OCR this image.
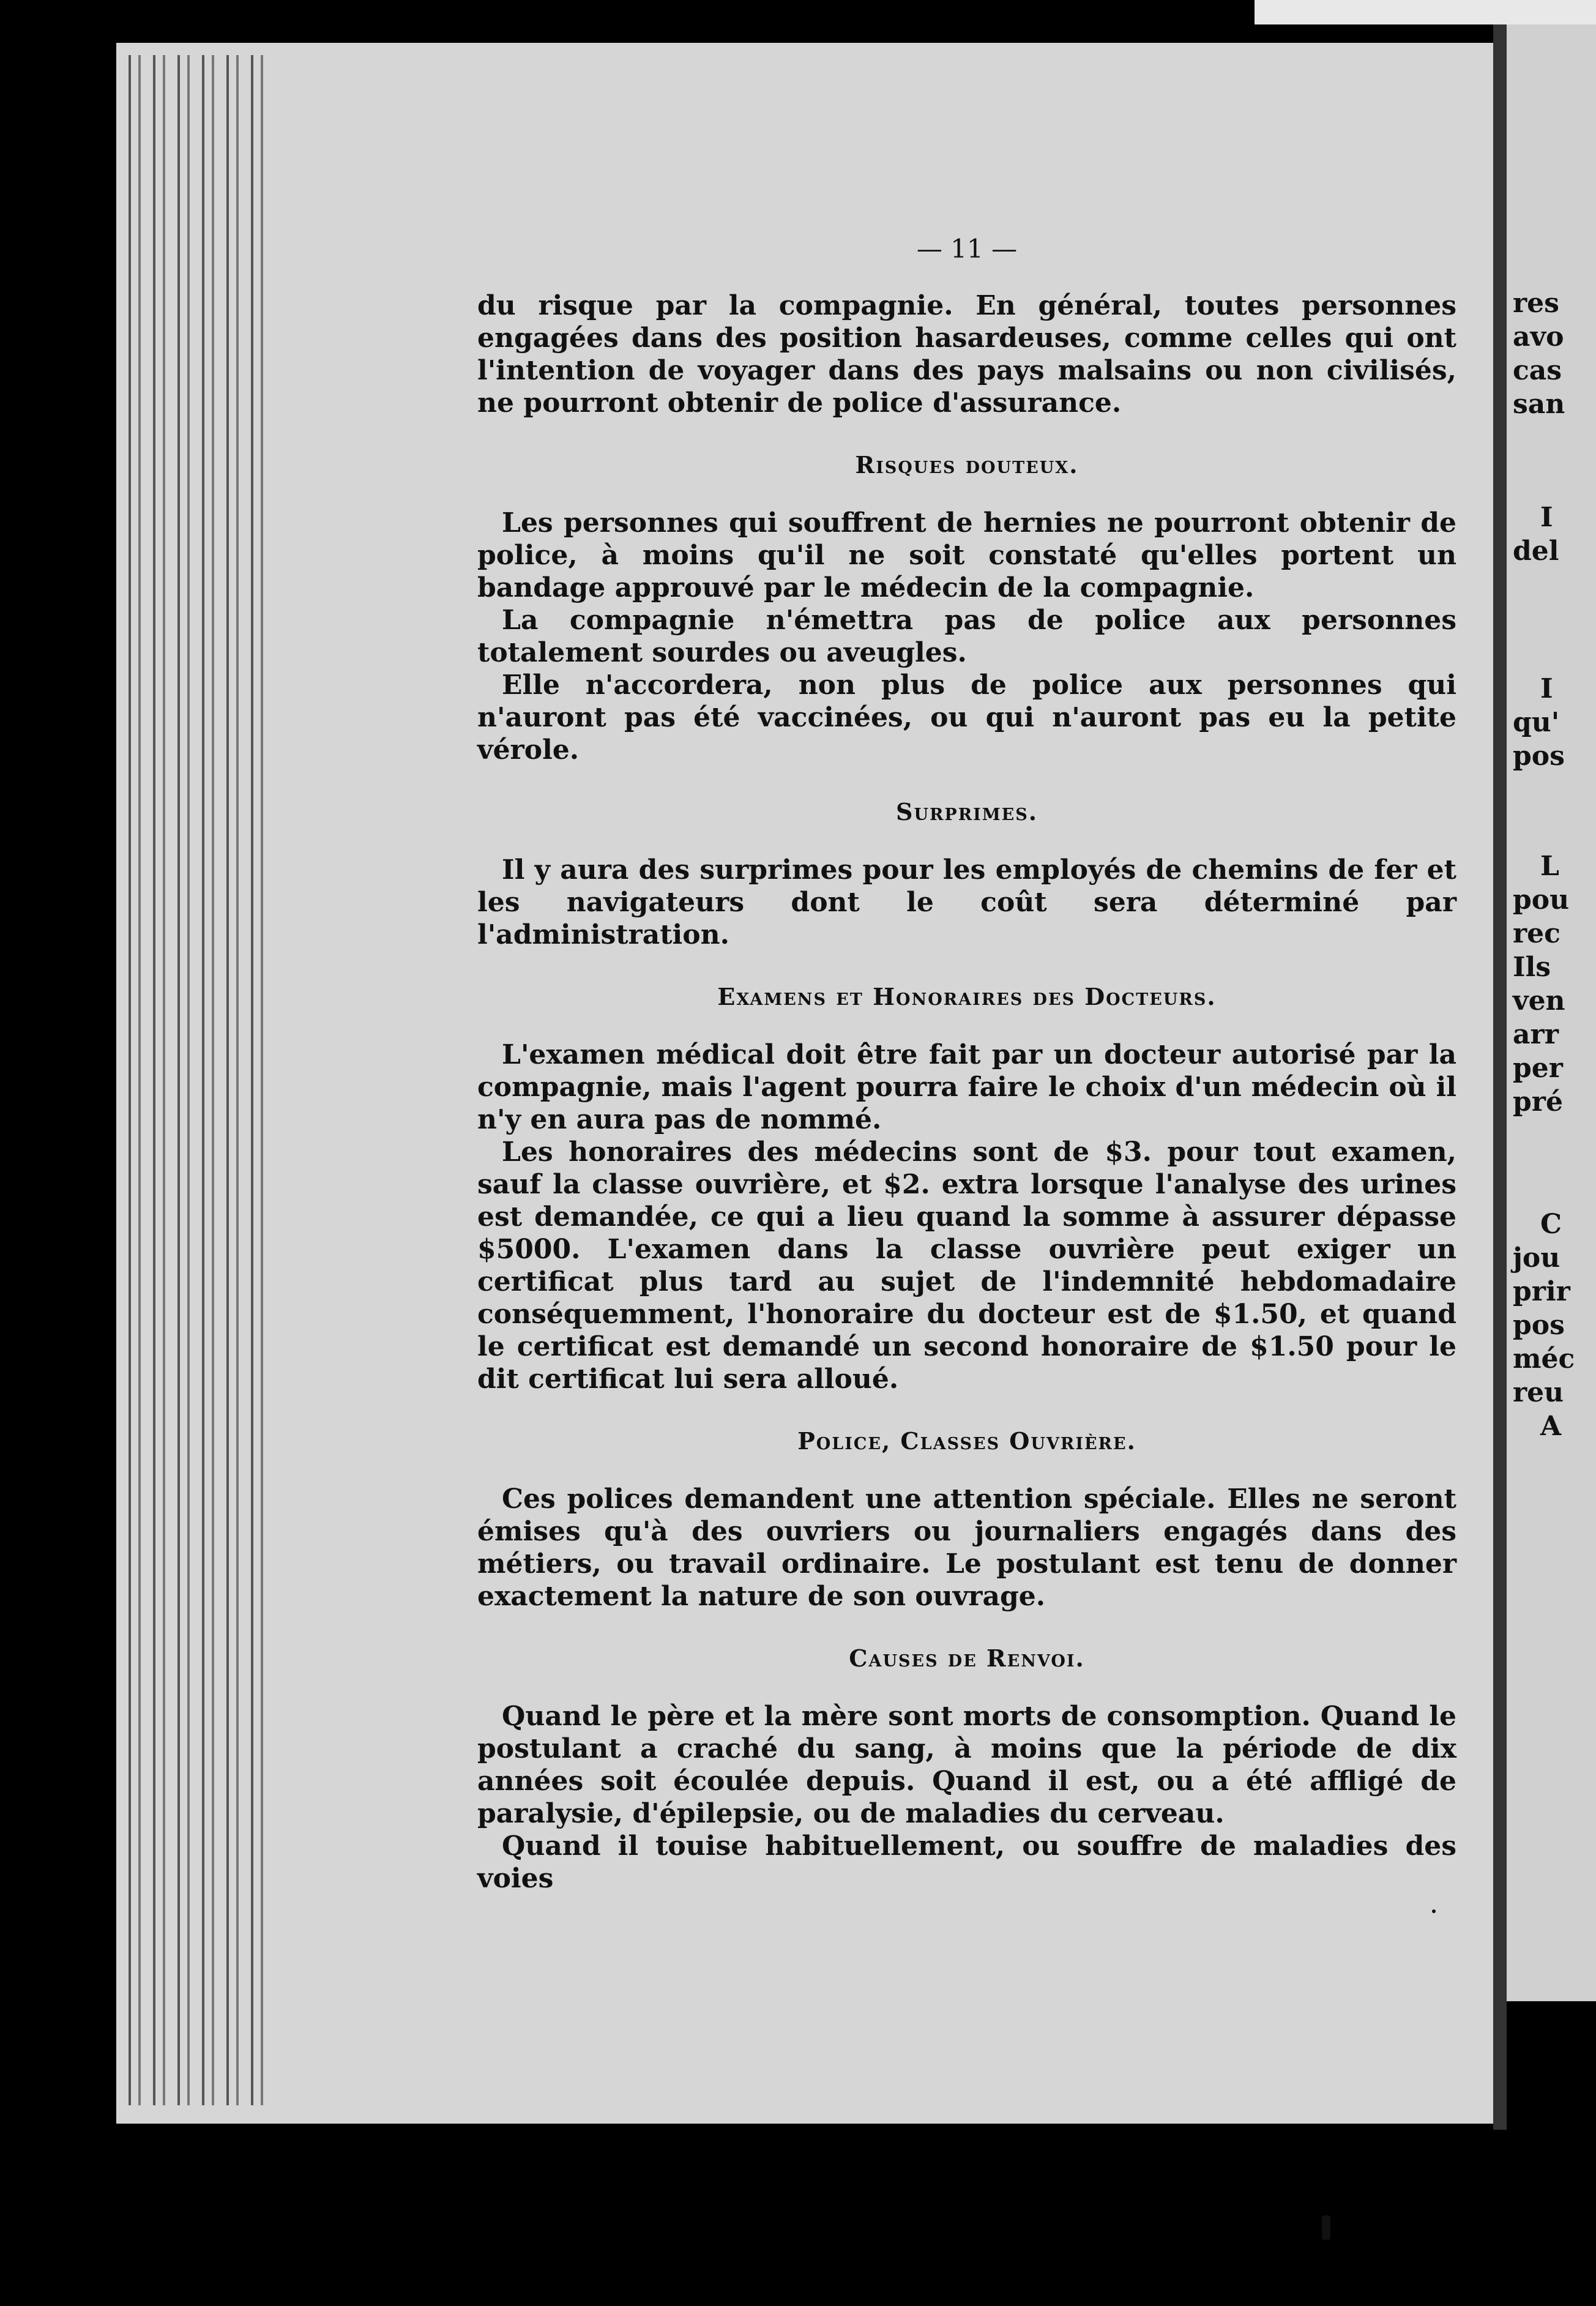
res
avo
cas
san
I
del
I
qu'
pos
L
pou
rec
Ils
ven
arr
per
pré
C
jou
prir
pos
méc
reu
A
— 11 —

du risque par la compagnie. En général, toutes personnes engagées dans des position hasardeuses, comme celles qui ont l'intention de voyager dans des pays malsains ou non civilisés, ne pourront obtenir de police d'assurance.

Risques douteux.

Les personnes qui souffrent de hernies ne pourront obtenir de police, à moins qu'il ne soit constaté qu'elles portent un bandage approuvé par le médecin de la compagnie.

La compagnie n'émettra pas de police aux personnes totalement sourdes ou aveugles.

Elle n'accordera, non plus de police aux personnes qui n'auront pas été vaccinées, ou qui n'auront pas eu la petite vérole.

Surprimes.

Il y aura des surprimes pour les employés de chemins de fer et les navigateurs dont le coût sera déterminé par l'administration.

Examens et Honoraires des Docteurs.

L'examen médical doit être fait par un docteur autorisé par la compagnie, mais l'agent pourra faire le choix d'un médecin où il n'y en aura pas de nommé.

Les honoraires des médecins sont de $3. pour tout examen, sauf la classe ouvrière, et $2. extra lorsque l'analyse des urines est demandée, ce qui a lieu quand la somme à assurer dépasse $5000. L'examen dans la classe ouvrière peut exiger un certificat plus tard au sujet de l'indemnité hebdomadaire conséquemment, l'honoraire du docteur est de $1.50, et quand le certificat est demandé un second honoraire de $1.50 pour le dit certificat lui sera alloué.

Police, Classes Ouvrière.

Ces polices demandent une attention spéciale. Elles ne seront émises qu'à des ouvriers ou journaliers engagés dans des métiers, ou travail ordinaire. Le postulant est tenu de donner exactement la nature de son ouvrage.

Causes de Renvoi.

Quand le père et la mère sont morts de consomption. Quand le postulant a craché du sang, à moins que la période de dix années soit écoulée depuis. Quand il est, ou a été affligé de paralysie, d'épilepsie, ou de maladies du cerveau.

Quand il touise habituellement, ou souffre de maladies des voies
